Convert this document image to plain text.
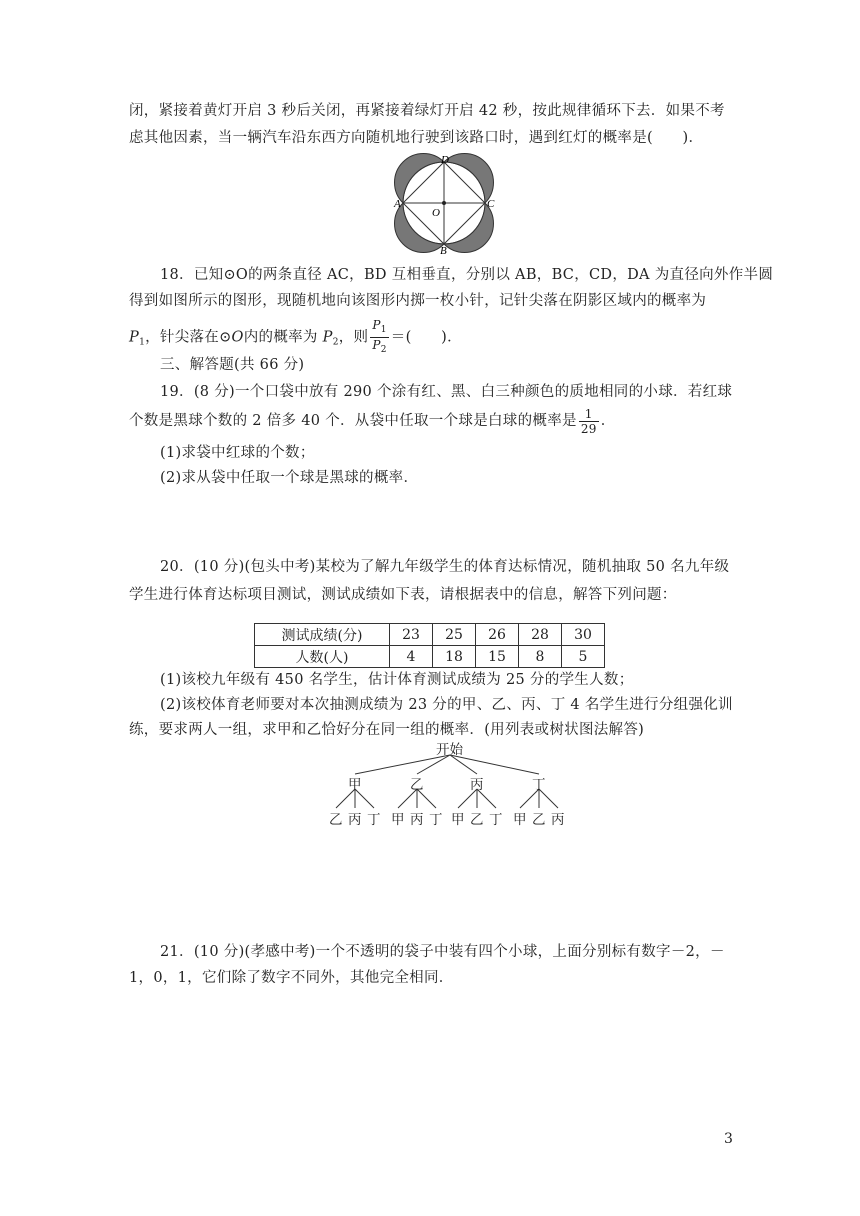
闭，紧接着黄灯开启 3 秒后关闭，再紧接着绿灯开启 42 秒，按此规律循环下去．如果不考
虑其他因素，当一辆汽车沿东西方向随机地行驶到该路口时，遇到红灯的概率是(　　)．
D
A
O
C
B
18．已知⊙O的两条直径 AC，BD 互相垂直，分别以 AB，BC，CD，DA 为直径向外作半圆
得到如图所示的图形，现随机地向该图形内掷一枚小针，记针尖落在阴影区域内的概率为
$P_1$，针尖落在⊙O内的概率为 $P_2$，则 $\frac{P_1}{P_2}$ ＝(　　)．
三、解答题(共 66 分)
19．(8 分)一个口袋中放有 290 个涂有红、黑、白三种颜色的质地相同的小球．若红球
个数是黑球个数的 2 倍多 40 个．从袋中任取一个球是白球的概率是 $\frac{1}{29}$ ．
(1)求袋中红球的个数；
(2)求从袋中任取一个球是黑球的概率．
20．(10 分)(包头中考)某校为了解九年级学生的体育达标情况，随机抽取 50 名九年级
学生进行体育达标项目测试，测试成绩如下表，请根据表中的信息，解答下列问题：
测试成绩(分)	23	25	26	28	30
人数(人)	4	18	15	8	5
(1)该校九年级有 450 名学生，估计体育测试成绩为 25 分的学生人数；
(2)该校体育老师要对本次抽测成绩为 23 分的甲、乙、丙、丁 4 名学生进行分组强化训
练，要求两人一组，求甲和乙恰好分在同一组的概率．(用列表或树状图法解答)
开始
甲	乙	丙	丁
乙 丙 丁 甲 丙 丁 甲 乙 丁 甲 乙 丙
21．(10 分)(孝感中考)一个不透明的袋子中装有四个小球，上面分别标有数字－2，－
1，0，1，它们除了数字不同外，其他完全相同．
3
